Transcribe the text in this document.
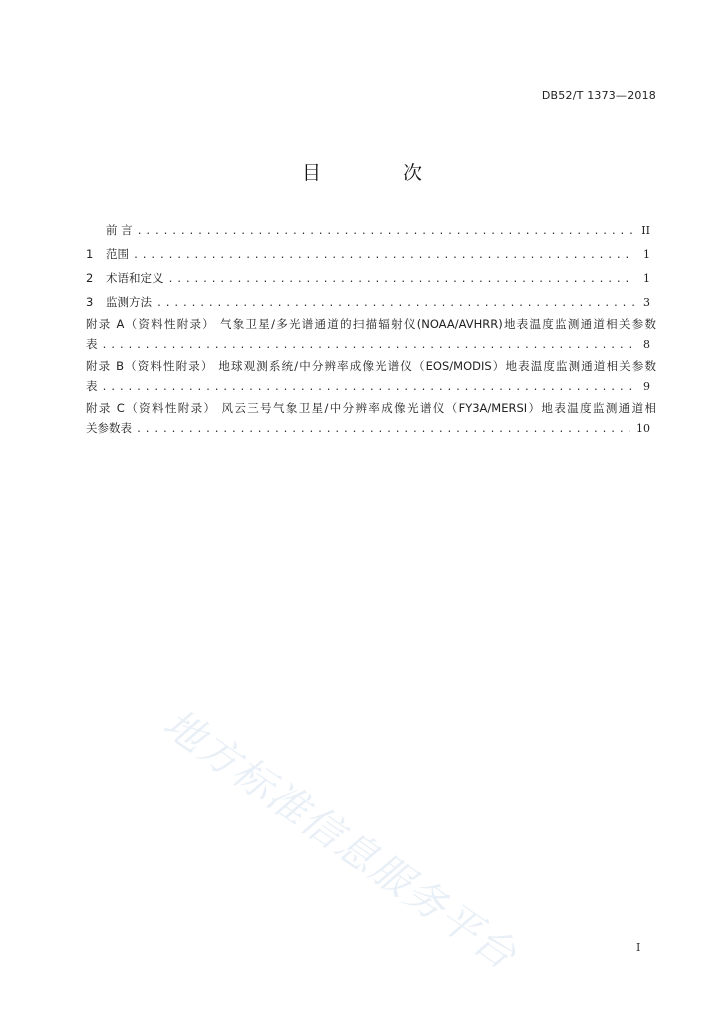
DB52/T 1373—2018
目 次
前 言 .....	II
1	范围 .....	1
2	术语和定义 .....	1
3	监测方法 .....	3
附录 A（资料性附录） 气象卫星/多光谱通道的扫描辐射仪(NOAA/AVHRR)地表温度监测通道相关参数
表 .....	8
附录 B（资料性附录） 地球观测系统/中分辨率成像光谱仪（EOS/MODIS）地表温度监测通道相关参数
表 .....	9
附录 C（资料性附录） 风云三号气象卫星/中分辨率成像光谱仪（FY3A/MERSI）地表温度监测通道相
关参数表 .....	10
地方标准信息服务平台	I
